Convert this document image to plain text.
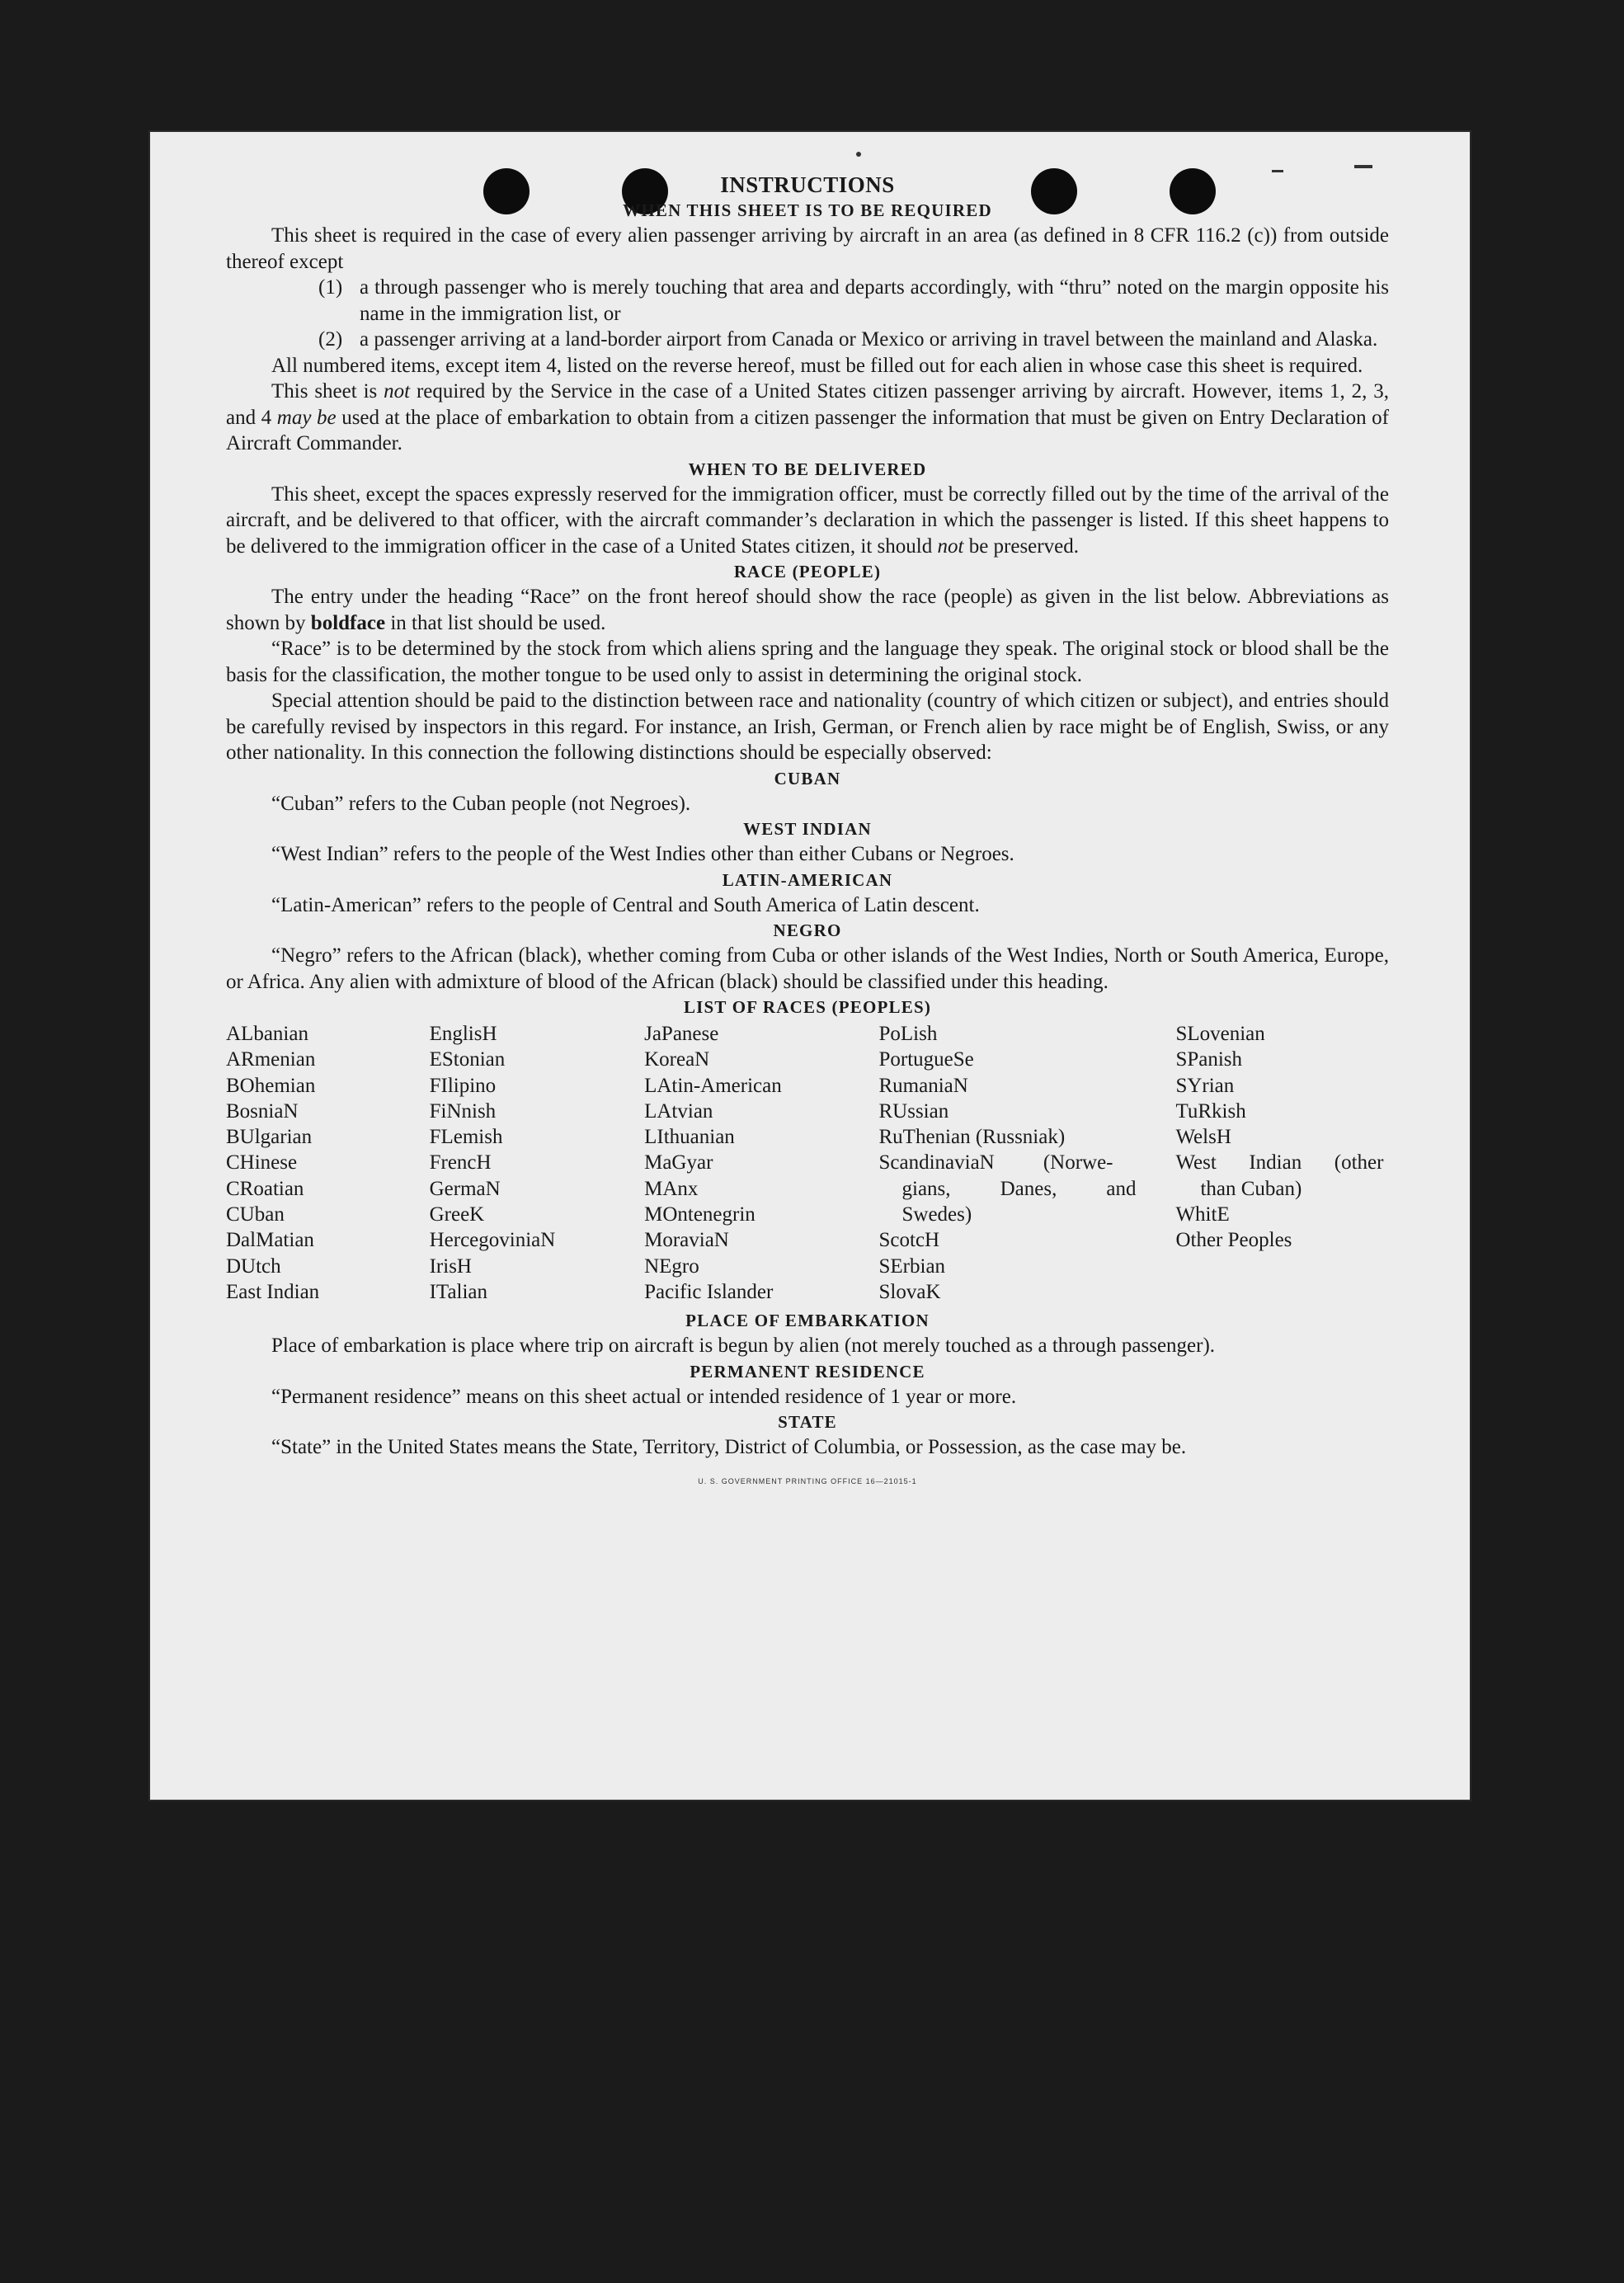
INSTRUCTIONS
WHEN THIS SHEET IS TO BE REQUIRED

This sheet is required in the case of every alien passenger arriving by aircraft in an area (as defined in 8 CFR 116.2 (c)) from outside thereof except

(1) a through passenger who is merely touching that area and departs accordingly, with “thru” noted on the margin opposite his name in the immigration list, or
(2) a passenger arriving at a land-border airport from Canada or Mexico or arriving in travel between the mainland and Alaska.

All numbered items, except item 4, listed on the reverse hereof, must be filled out for each alien in whose case this sheet is required.

This sheet is not required by the Service in the case of a United States citizen passenger arriving by aircraft. However, items 1, 2, 3, and 4 may be used at the place of embarkation to obtain from a citizen passenger the information that must be given on Entry Declaration of Aircraft Commander.

WHEN TO BE DELIVERED

This sheet, except the spaces expressly reserved for the immigration officer, must be correctly filled out by the time of the arrival of the aircraft, and be delivered to that officer, with the aircraft commander’s declaration in which the passenger is listed. If this sheet happens to be delivered to the immigration officer in the case of a United States citizen, it should not be preserved.

RACE (PEOPLE)

The entry under the heading “Race” on the front hereof should show the race (people) as given in the list below. Abbreviations as shown by boldface in that list should be used.

“Race” is to be determined by the stock from which aliens spring and the language they speak. The original stock or blood shall be the basis for the classification, the mother tongue to be used only to assist in determining the original stock.

Special attention should be paid to the distinction between race and nationality (country of which citizen or subject), and entries should be carefully revised by inspectors in this regard. For instance, an Irish, German, or French alien by race might be of English, Swiss, or any other nationality. In this connection the following distinctions should be especially observed:

CUBAN

“Cuban” refers to the Cuban people (not Negroes).

WEST INDIAN

“West Indian” refers to the people of the West Indies other than either Cubans or Negroes.

LATIN-AMERICAN

“Latin-American” refers to the people of Central and South America of Latin descent.

NEGRO

“Negro” refers to the African (black), whether coming from Cuba or other islands of the West Indies, North or South America, Europe, or Africa. Any alien with admixture of blood of the African (black) should be classified under this heading.

LIST OF RACES (PEOPLES)
ALbanian
ARmenian
BOhemian
BosniaN
BUlgarian
CHinese
CRoatian
CUban
DalMatian
DUtch
East Indian
EnglisH
EStonian
FIlipino
FiNnish
FLemish
FrencH
GermaN
GreeK
HercegoviniaN
IrisH
ITalian
JaPanese
KoreaN
LAtin-American
LAtvian
LIthuanian
MaGyar
MAnx
MOntenegrin
MoraviaN
NEgro
Pacific Islander
PoLish
PortugueSe
RumaniaN
RUssian
RuThenian (Russniak)
ScandinaviaN (Norwe-
gians, Danes, and
Swedes)
ScotcH
SErbian
SlovaK
SLovenian
SPanish
SYrian
TuRkish
WelsH
West Indian (other
than Cuban)
WhitE
Other Peoples
PLACE OF EMBARKATION

Place of embarkation is place where trip on aircraft is begun by alien (not merely touched as a through passenger).

PERMANENT RESIDENCE

“Permanent residence” means on this sheet actual or intended residence of 1 year or more.

STATE

“State” in the United States means the State, Territory, District of Columbia, or Possession, as the case may be.

U. S. GOVERNMENT PRINTING OFFICE 16—21015-1
